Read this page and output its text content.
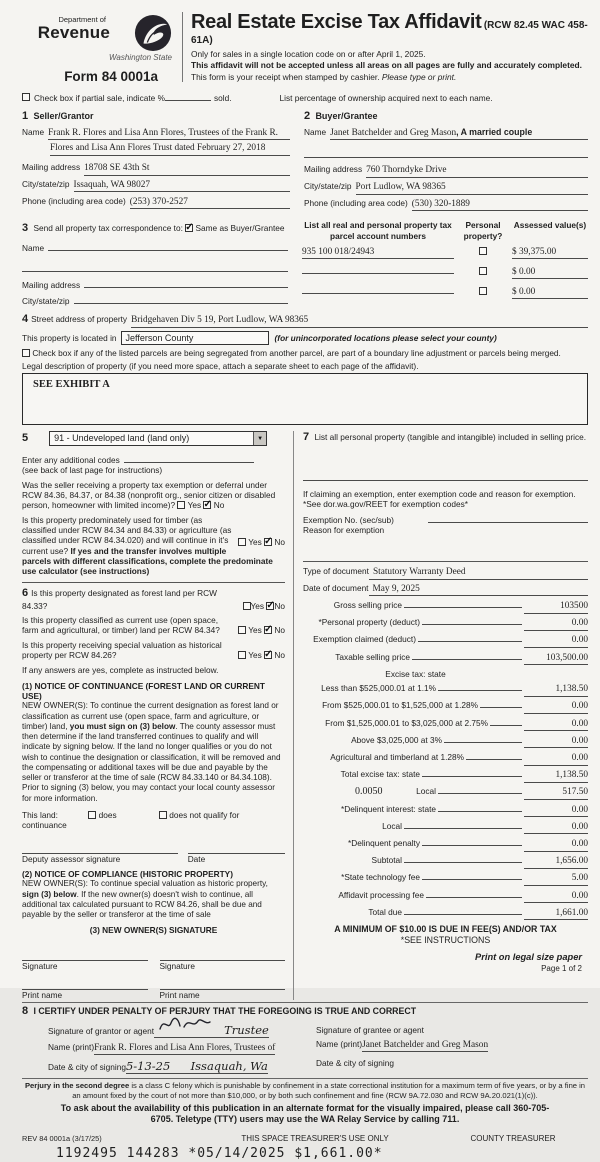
Department of
Revenue
Washington State
Form 84 0001a
Real Estate Excise Tax Affidavit (RCW 82.45 WAC 458-61A)
Only for sales in a single location code on or after April 1, 2025.
This affidavit will not be accepted unless all areas on all pages are fully and accurately completed.
This form is your receipt when stamped by cashier. Please type or print.
Check box if partial sale, indicate %	sold.	List percentage of ownership acquired next to each name.
1 Seller/Grantor
Name Frank R. Flores and Lisa Ann Flores, Trustees of the Frank R.
Flores and Lisa Ann Flores Trust dated February 27, 2018
Mailing address 18708 SE 43th St
City/state/zip Issaquah, WA 98027
Phone (including area code) (253) 370-2527
2 Buyer/Grantee
Name Janet Batchelder and Greg Mason, A married couple
Mailing address 760 Thorndyke Drive
City/state/zip Port Ludlow, WA 98365
Phone (including area code) (530) 320-1889
3 Send all property tax correspondence to: ✓ Same as Buyer/Grantee
Name
Mailing address
City/state/zip
List all real and personal property tax parcel account numbers
Personal property?
Assessed value(s)
935 100 018/24943	$ 39,375.00
$ 0.00
$ 0.00
4 Street address of property Bridgehaven Div 5 19, Port Ludlow, WA 98365
This property is located in	Jefferson County	(for unincorporated locations please select your county)
Check box if any of the listed parcels are being segregated from another parcel, are part of a boundary line adjustment or parcels being merged.
Legal description of property (if you need more space, attach a separate sheet to each page of the affidavit).
SEE EXHIBIT A
5	91 - Undeveloped land (land only)	▼
Enter any additional codes
(see back of last page for instructions)
Was the seller receiving a property tax exemption or deferral under RCW 84.36, 84.37, or 84.38 (nonprofit org., senior citizen or disabled person, homeowner with limited income)? Yes ✓ No
Yes ✓ No
Is this property predominately used for timber (as classified under RCW 84.34 and 84.33) or agriculture (as classified under RCW 84.34.020) and will continue in it's current use? If yes and the transfer involves multiple parcels with different classifications, complete the predominate use calculator (see instructions)
6 Is this property designated as forest land per RCW 84.33?	Yes ✓ No
Is this property classified as current use (open space, farm and agricultural, or timber) land per RCW 84.34?	Yes ✓ No
Is this property receiving special valuation as historical property per RCW 84.26?	Yes ✓ No
If any answers are yes, complete as instructed below.
(1) NOTICE OF CONTINUANCE (FOREST LAND OR CURRENT USE)
NEW OWNER(S): To continue the current designation as forest land or classification as current use (open space, farm and agriculture, or timber) land, you must sign on (3) below. The county assessor must then determine if the land transferred continues to qualify and will indicate by signing below. If the land no longer qualifies or you do not wish to continue the designation or classification, it will be removed and the compensating or additional taxes will be due and payable by the seller or transferor at the time of sale (RCW 84.33.140 or 84.34.108). Prior to signing (3) below, you may contact your local county assessor for more information.
This land:	does	does not qualify for
continuance
Deputy assessor signature	Date
(2) NOTICE OF COMPLIANCE (HISTORIC PROPERTY)
NEW OWNER(S): To continue special valuation as historic property, sign (3) below. If the new owner(s) doesn't wish to continue, all additional tax calculated pursuant to RCW 84.26, shall be due and payable by the seller or transferor at the time of sale
(3) NEW OWNER(S) SIGNATURE
Signature	Signature
Print name	Print name
7 List all personal property (tangible and intangible) included in selling price.
If claiming an exemption, enter exemption code and reason for exemption. *See dor.wa.gov/REET for exemption codes*
Exemption No. (sec/sub)
Reason for exemption
Type of document Statutory Warranty Deed
Date of document May 9, 2025
Gross selling price	103500
*Personal property (deduct)	0.00
Exemption claimed (deduct)	0.00
Taxable selling price	103,500.00
Excise tax: state
Less than $525,000.01 at 1.1%	1,138.50
From $525,000.01 to $1,525,000 at 1.28%	0.00
From $1,525,000.01 to $3,025,000 at 2.75%	0.00
Above $3,025,000 at 3%	0.00
Agricultural and timberland at 1.28%	0.00
Total excise tax: state	1,138.50
0.0050	Local	517.50
*Delinquent interest: state	0.00
Local	0.00
*Delinquent penalty	0.00
Subtotal	1,656.00
*State technology fee	5.00
Affidavit processing fee	0.00
Total due	1,661.00
A MINIMUM OF $10.00 IS DUE IN FEE(S) AND/OR TAX
*SEE INSTRUCTIONS
8 I CERTIFY UNDER PENALTY OF PERJURY THAT THE FOREGOING IS TRUE AND CORRECT
Signature of grantor or agent	Trustee
Name (print) Frank R. Flores and Lisa Ann Flores, Trustees of
Date & city of signing 5-13-25 Issaquah, Wa
Signature of grantee or agent
Name (print) Janet Batchelder and Greg Mason
Date & city of signing
Perjury in the second degree is a class C felony which is punishable by confinement in a state correctional institution for a maximum term of five years, or by a fine in an amount fixed by the court of not more than $10,000, or by both such confinement and fine (RCW 9A.72.030 and RCW 9A.20.021(1)(c)).
To ask about the availability of this publication in an alternate format for the visually impaired, please call 360-705-6705. Teletype (TTY) users may use the WA Relay Service by calling 711.
REV 84 0001a (3/17/25)	THIS SPACE TREASURER'S USE ONLY	COUNTY TREASURER
1192495 144283 *05/14/2025 $1,661.00*
Print on legal size paper
Page 1 of 2
